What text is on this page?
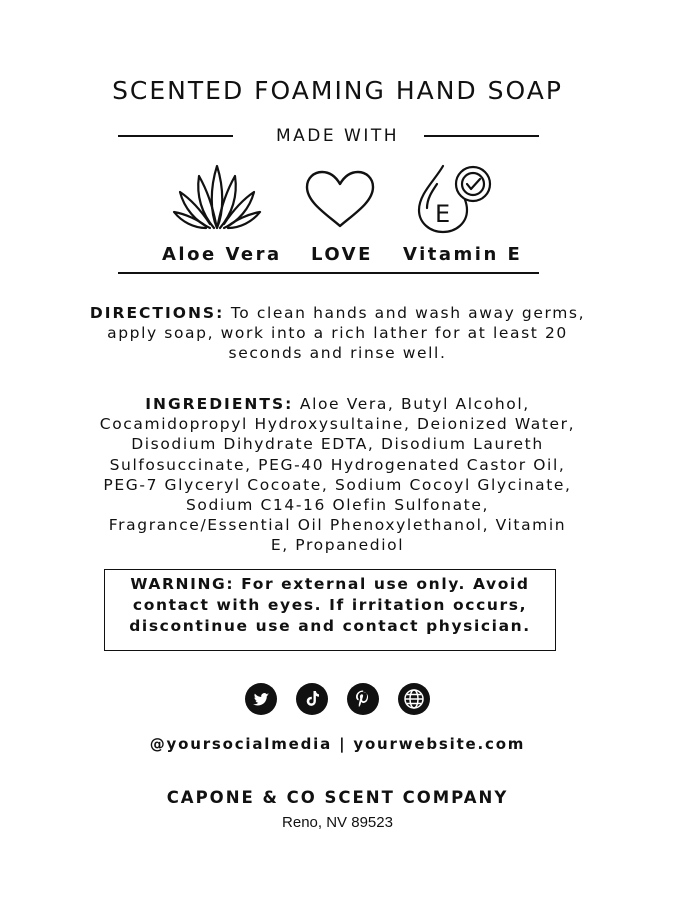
SCENTED FOAMING HAND SOAP
MADE WITH
E
Aloe Vera LOVE Vitamin E
DIRECTIONS: To clean hands and wash away germs,
apply soap, work into a rich lather for at least 20
seconds and rinse well.
INGREDIENTS: Aloe Vera, Butyl Alcohol,
Cocamidopropyl Hydroxysultaine, Deionized Water,
Disodium Dihydrate EDTA, Disodium Laureth
Sulfosuccinate, PEG-40 Hydrogenated Castor Oil,
PEG-7 Glyceryl Cocoate, Sodium Cocoyl Glycinate,
Sodium C14-16 Olefin Sulfonate,
Fragrance/Essential Oil Phenoxylethanol, Vitamin
E, Propanediol
WARNING: For external use only. Avoid
contact with eyes. If irritation occurs,
discontinue use and contact physician.

@yoursocialmedia | yourwebsite.com
CAPONE & CO SCENT COMPANY
Reno, NV 89523
